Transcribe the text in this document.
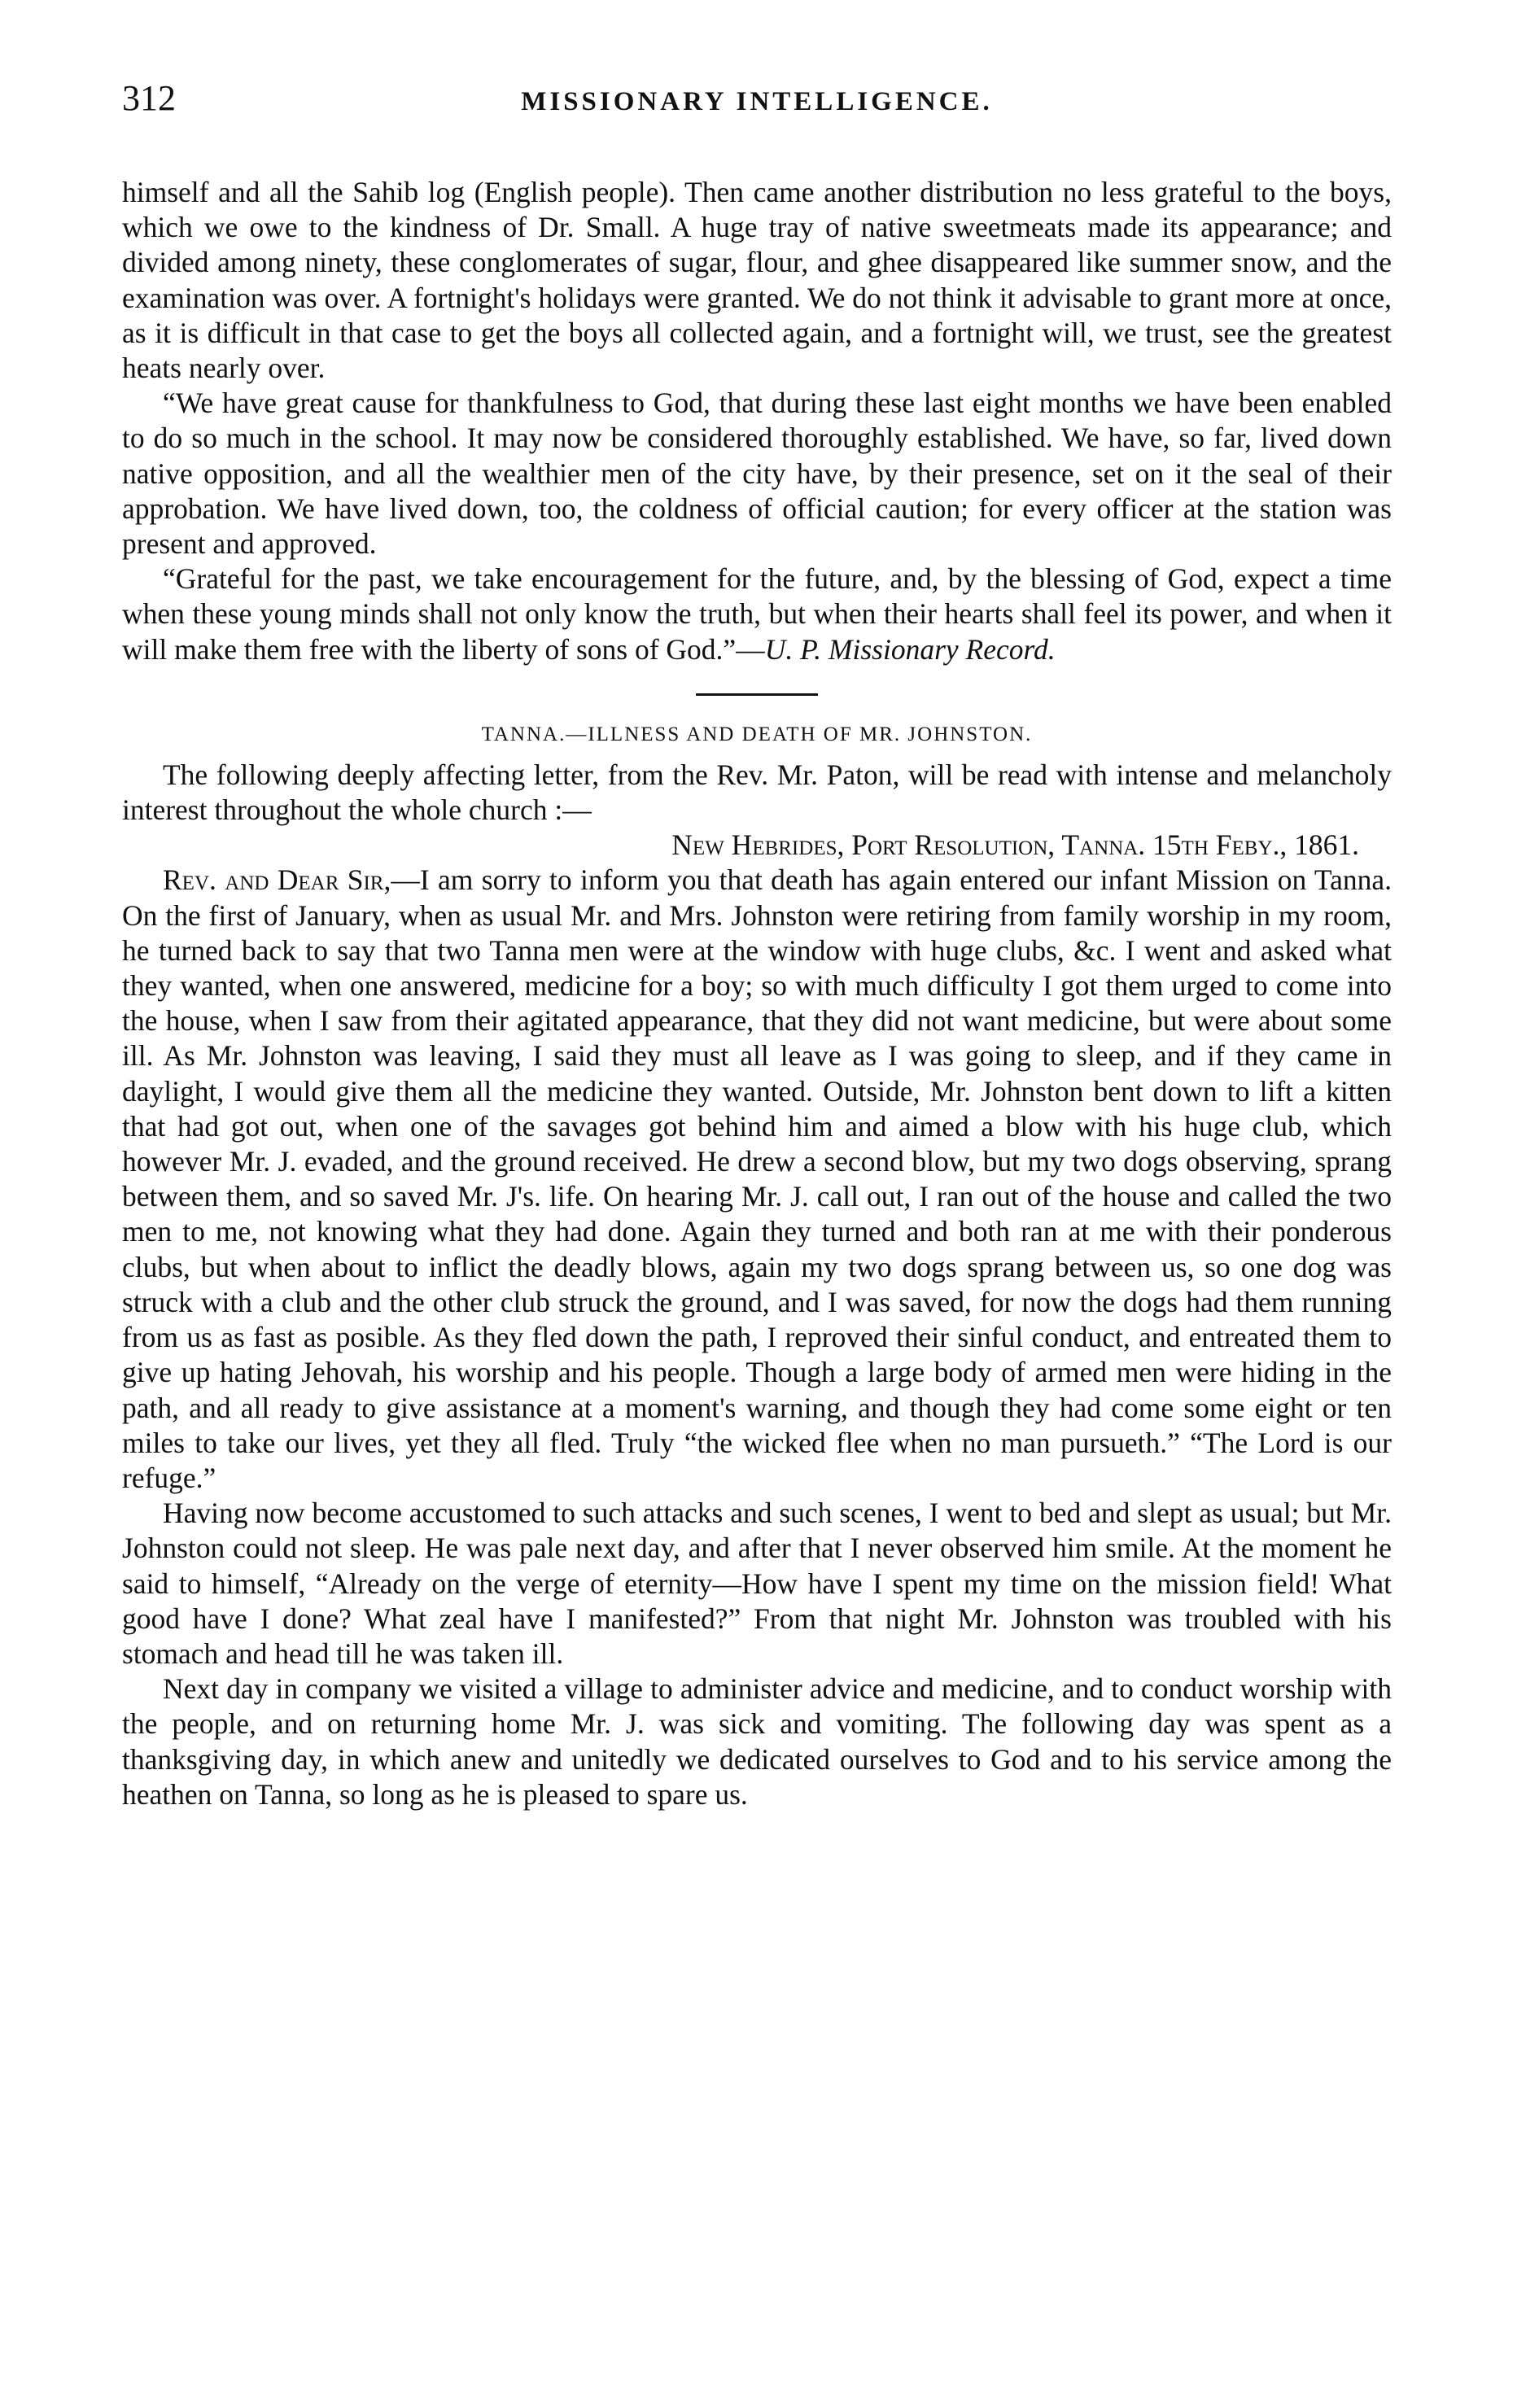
312	MISSIONARY INTELLIGENCE.

himself and all the Sahib log (English people). Then came another distribution no less grateful to the boys, which we owe to the kindness of Dr. Small. A huge tray of native sweetmeats made its appearance; and divided among ninety, these conglomerates of sugar, flour, and ghee disappeared like summer snow, and the examination was over. A fortnight's holidays were granted. We do not think it advisable to grant more at once, as it is difficult in that case to get the boys all collected again, and a fortnight will, we trust, see the greatest heats nearly over.

“We have great cause for thankfulness to God, that during these last eight months we have been enabled to do so much in the school. It may now be considered thoroughly established. We have, so far, lived down native opposition, and all the wealthier men of the city have, by their presence, set on it the seal of their approbation. We have lived down, too, the coldness of official caution; for every officer at the station was present and approved.

“Grateful for the past, we take encouragement for the future, and, by the blessing of God, expect a time when these young minds shall not only know the truth, but when their hearts shall feel its power, and when it will make them free with the liberty of sons of God.”—U. P. Missionary Record.

TANNA.—ILLNESS AND DEATH OF MR. JOHNSTON.

The following deeply affecting letter, from the Rev. Mr. Paton, will be read with intense and melancholy interest throughout the whole church :—

New Hebrides, Port Resolution, Tanna. 15th Feby., 1861.

Rev. and Dear Sir,—I am sorry to inform you that death has again entered our infant Mission on Tanna. On the first of January, when as usual Mr. and Mrs. Johnston were retiring from family worship in my room, he turned back to say that two Tanna men were at the window with huge clubs, &c. I went and asked what they wanted, when one answered, medicine for a boy; so with much difficulty I got them urged to come into the house, when I saw from their agitated appearance, that they did not want medicine, but were about some ill. As Mr. Johnston was leaving, I said they must all leave as I was going to sleep, and if they came in daylight, I would give them all the medicine they wanted. Outside, Mr. Johnston bent down to lift a kitten that had got out, when one of the savages got behind him and aimed a blow with his huge club, which however Mr. J. evaded, and the ground received. He drew a second blow, but my two dogs observing, sprang between them, and so saved Mr. J's. life. On hearing Mr. J. call out, I ran out of the house and called the two men to me, not knowing what they had done. Again they turned and both ran at me with their ponderous clubs, but when about to inflict the deadly blows, again my two dogs sprang between us, so one dog was struck with a club and the other club struck the ground, and I was saved, for now the dogs had them running from us as fast as posible. As they fled down the path, I reproved their sinful conduct, and entreated them to give up hating Jehovah, his worship and his people. Though a large body of armed men were hiding in the path, and all ready to give assistance at a moment's warning, and though they had come some eight or ten miles to take our lives, yet they all fled. Truly “the wicked flee when no man pursueth.” “The Lord is our refuge.”

Having now become accustomed to such attacks and such scenes, I went to bed and slept as usual; but Mr. Johnston could not sleep. He was pale next day, and after that I never observed him smile. At the moment he said to himself, “Already on the verge of eternity—How have I spent my time on the mission field! What good have I done? What zeal have I manifested?” From that night Mr. Johnston was troubled with his stomach and head till he was taken ill.

Next day in company we visited a village to administer advice and medicine, and to conduct worship with the people, and on returning home Mr. J. was sick and vomiting. The following day was spent as a thanksgiving day, in which anew and unitedly we dedicated ourselves to God and to his service among the heathen on Tanna, so long as he is pleased to spare us.
